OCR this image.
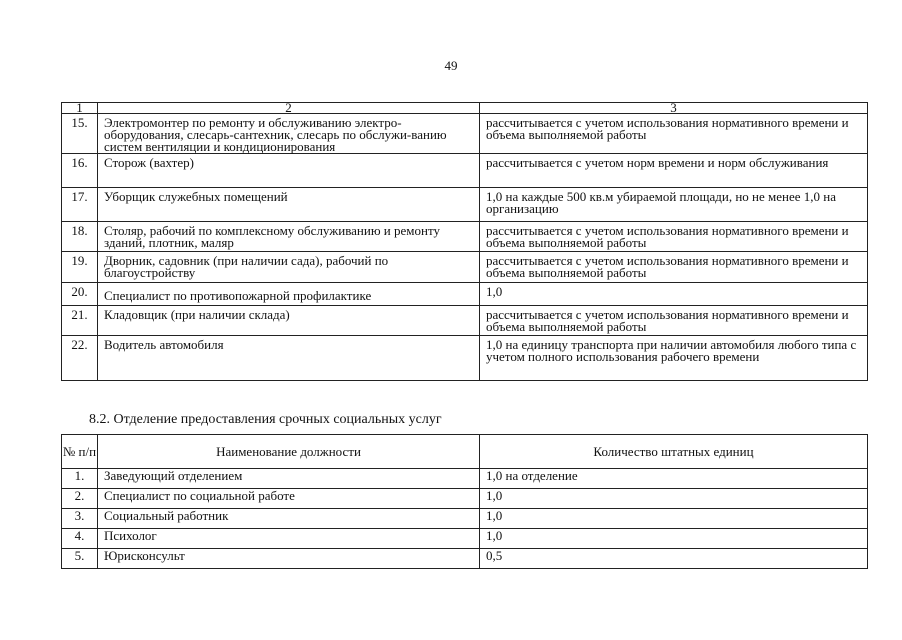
49
1	2	3
15.	Электромонтер по ремонту и обслуживанию электро-оборудования, слесарь-сантехник, слесарь по обслужи-ванию систем вентиляции и кондиционирования	рассчитывается с учетом использования нормативного времени и объема выполняемой работы
16.	Сторож (вахтер)	рассчитывается с учетом норм времени и норм обслуживания
17.	Уборщик служебных помещений	1,0 на каждые 500 кв.м убираемой площади, но не менее 1,0 на организацию
18.	Столяр, рабочий по комплексному обслуживанию и ремонту зданий, плотник, маляр	рассчитывается с учетом использования нормативного времени и объема выполняемой работы
19.	Дворник, садовник (при наличии сада), рабочий по благоустройству	рассчитывается с учетом использования нормативного времени и объема выполняемой работы
20.	Специалист по противопожарной профилактике	1,0
21.	Кладовщик (при наличии склада)	рассчитывается с учетом использования нормативного времени и объема выполняемой работы
22.	Водитель автомобиля	1,0 на единицу транспорта при наличии автомобиля любого типа с учетом полного использования рабочего времени
8.2. Отделение предоставления срочных социальных услуг
№ п/п	Наименование должности	Количество штатных единиц
1.	Заведующий отделением	1,0 на отделение
2.	Специалист по социальной работе	1,0
3.	Социальный работник	1,0
4.	Психолог	1,0
5.	Юрисконсульт	0,5
